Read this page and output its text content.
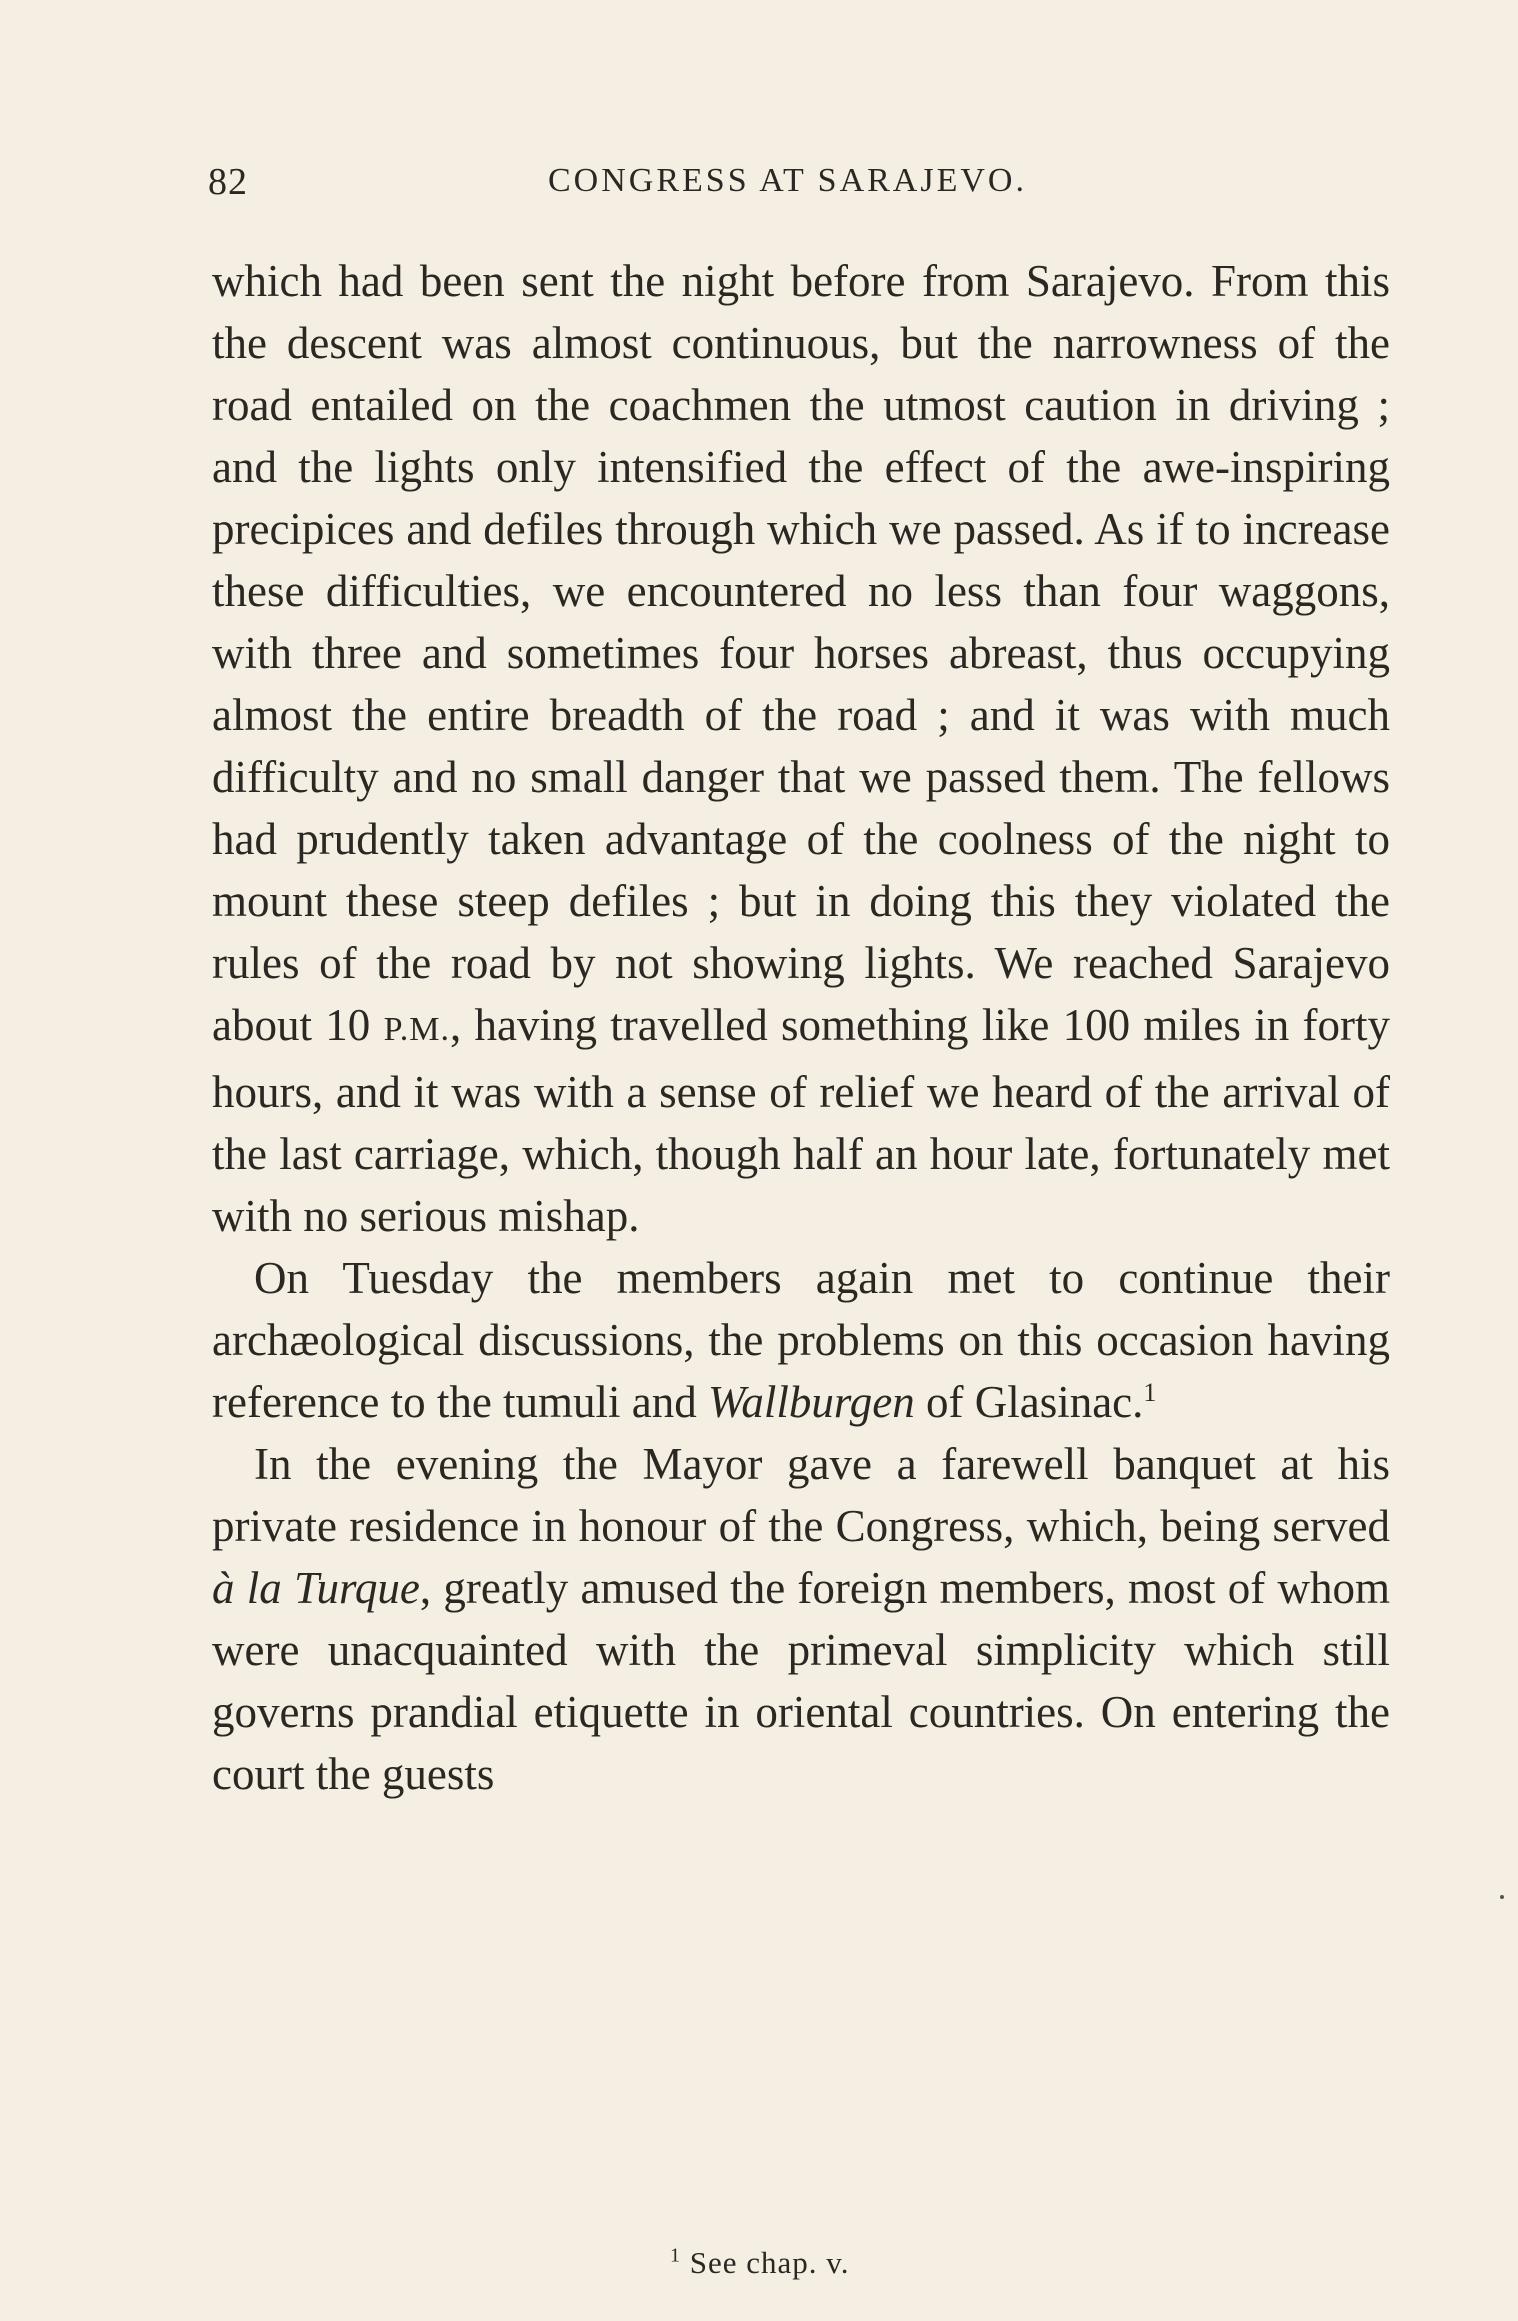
82	CONGRESS AT SARAJEVO.

which had been sent the night before from Sarajevo. From this the descent was almost continuous, but the narrowness of the road entailed on the coachmen the utmost caution in driving ; and the lights only intensified the effect of the awe-inspiring precipices and defiles through which we passed. As if to increase these difficulties, we encountered no less than four waggons, with three and sometimes four horses abreast, thus occupying almost the entire breadth of the road ; and it was with much difficulty and no small danger that we passed them. The fellows had prudently taken advantage of the coolness of the night to mount these steep defiles ; but in doing this they violated the rules of the road by not showing lights. We reached Sarajevo about 10 P.M., having travelled something like 100 miles in forty hours, and it was with a sense of relief we heard of the arrival of the last carriage, which, though half an hour late, fortunately met with no serious mishap.

On Tuesday the members again met to continue their archæological discussions, the problems on this occasion having reference to the tumuli and Wallburgen of Glasinac.$^1$

In the evening the Mayor gave a farewell banquet at his private residence in honour of the Congress, which, being served à la Turque, greatly amused the foreign members, most of whom were unacquainted with the primeval simplicity which still governs prandial etiquette in oriental countries. On entering the court the guests

$^1$ See chap. v.
